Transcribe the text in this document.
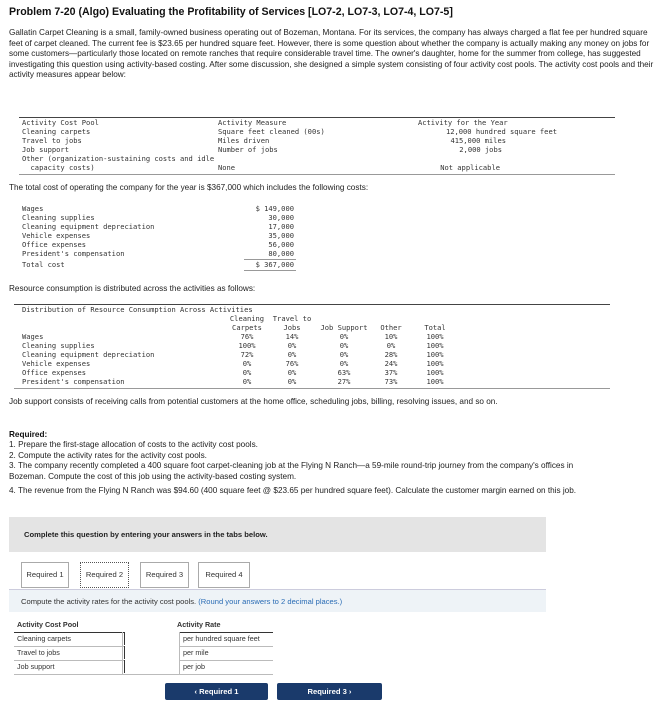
Problem 7-20 (Algo) Evaluating the Profitability of Services [LO7-2, LO7-3, LO7-4, LO7-5]
Gallatin Carpet Cleaning is a small, family-owned business operating out of Bozeman, Montana. For its services, the company has always charged a flat fee per hundred square feet of carpet cleaned. The current fee is $23.65 per hundred square feet. However, there is some question about whether the company is actually making any money on jobs for some customers—particularly those located on remote ranches that require considerable travel time. The owner's daughter, home for the summer from college, has suggested investigating this question using activity-based costing. After some discussion, she designed a simple system consisting of four activity cost pools. The activity cost pools and their activity measures appear below:
Activity Cost Pool	Activity Measure	Activity for the Year
Cleaning carpets	Square feet cleaned (00s)	12,000 hundred square feet
Travel to jobs	Miles driven	415,000 miles
Job support	Number of jobs	2,000 jobs
Other (organization-sustaining costs and idle
capacity costs)	None	Not applicable
The total cost of operating the company for the year is $367,000 which includes the following costs:
Wages	$ 149,000
Cleaning supplies	30,000
Cleaning equipment depreciation	17,000
Vehicle expenses	35,000
Office expenses	56,000
President's compensation	80,000
Total cost	$ 367,000
Resource consumption is distributed across the activities as follows:
Distribution of Resource Consumption Across Activities
Cleaning	Travel to
Carpets	Jobs	Job Support	Other	Total
Wages	76%	14%	0%	10%	100%
Cleaning supplies	100%	0%	0%	0%	100%
Cleaning equipment depreciation	72%	0%	0%	28%	100%
Vehicle expenses	0%	76%	0%	24%	100%
Office expenses	0%	0%	63%	37%	100%
President's compensation	0%	0%	27%	73%	100%
Job support consists of receiving calls from potential customers at the home office, scheduling jobs, billing, resolving issues, and so on.
Required:
1. Prepare the first-stage allocation of costs to the activity cost pools.
2. Compute the activity rates for the activity cost pools.
3. The company recently completed a 400 square foot carpet-cleaning job at the Flying N Ranch—a 59-mile round-trip journey from the company's offices in Bozeman. Compute the cost of this job using the activity-based costing system.
4. The revenue from the Flying N Ranch was $94.60 (400 square feet @ $23.65 per hundred square feet). Calculate the customer margin earned on this job.
Complete this question by entering your answers in the tabs below.
Required 1	Required 2	Required 3	Required 4
Compute the activity rates for the activity cost pools. (Round your answers to 2 decimal places.)
Activity Cost Pool	Activity Rate
Cleaning carpets	per hundred square feet
Travel to jobs	per mile
Job support	per job
‹ Required 1	Required 3 ›
